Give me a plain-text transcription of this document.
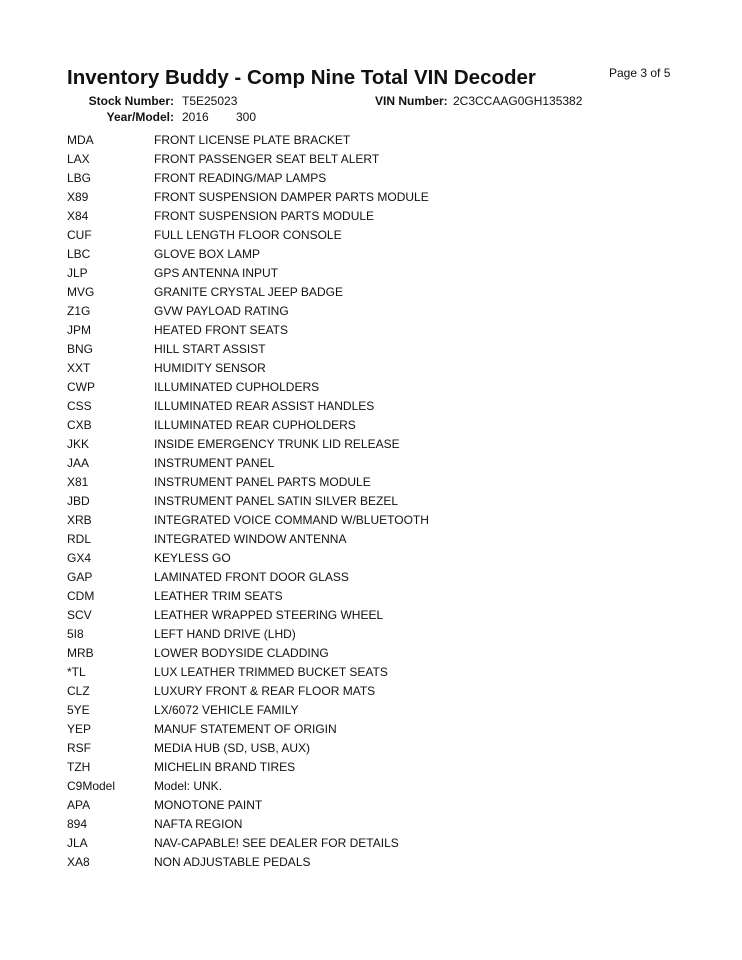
Inventory Buddy - Comp Nine Total VIN Decoder	Page 3 of 5
Stock Number: T5E25023	VIN Number: 2C3CCAAG0GH135382
Year/Model: 2016 300
MDA	FRONT LICENSE PLATE BRACKET
LAX	FRONT PASSENGER SEAT BELT ALERT
LBG	FRONT READING/MAP LAMPS
X89	FRONT SUSPENSION DAMPER PARTS MODULE
X84	FRONT SUSPENSION PARTS MODULE
CUF	FULL LENGTH FLOOR CONSOLE
LBC	GLOVE BOX LAMP
JLP	GPS ANTENNA INPUT
MVG	GRANITE CRYSTAL JEEP BADGE
Z1G	GVW PAYLOAD RATING
JPM	HEATED FRONT SEATS
BNG	HILL START ASSIST
XXT	HUMIDITY SENSOR
CWP	ILLUMINATED CUPHOLDERS
CSS	ILLUMINATED REAR ASSIST HANDLES
CXB	ILLUMINATED REAR CUPHOLDERS
JKK	INSIDE EMERGENCY TRUNK LID RELEASE
JAA	INSTRUMENT PANEL
X81	INSTRUMENT PANEL PARTS MODULE
JBD	INSTRUMENT PANEL SATIN SILVER BEZEL
XRB	INTEGRATED VOICE COMMAND W/BLUETOOTH
RDL	INTEGRATED WINDOW ANTENNA
GX4	KEYLESS GO
GAP	LAMINATED FRONT DOOR GLASS
CDM	LEATHER TRIM SEATS
SCV	LEATHER WRAPPED STEERING WHEEL
5I8	LEFT HAND DRIVE (LHD)
MRB	LOWER BODYSIDE CLADDING
*TL	LUX LEATHER TRIMMED BUCKET SEATS
CLZ	LUXURY FRONT & REAR FLOOR MATS
5YE	LX/6072 VEHICLE FAMILY
YEP	MANUF STATEMENT OF ORIGIN
RSF	MEDIA HUB (SD, USB, AUX)
TZH	MICHELIN BRAND TIRES
C9Model	Model: UNK.
APA	MONOTONE PAINT
894	NAFTA REGION
JLA	NAV-CAPABLE! SEE DEALER FOR DETAILS
XA8	NON ADJUSTABLE PEDALS
